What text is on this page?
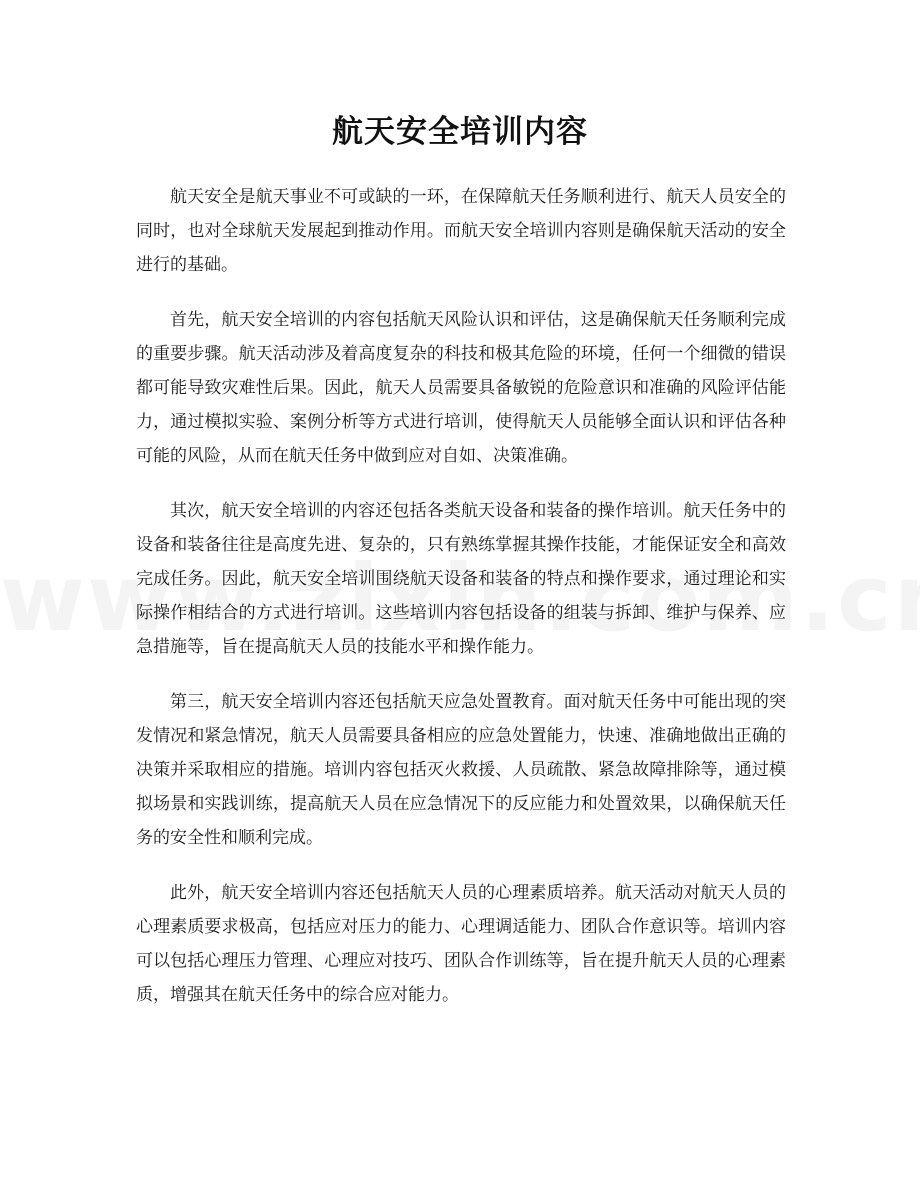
航天安全培训内容

航天安全是航天事业不可或缺的一环，在保障航天任务顺利进行、航天人员安全的同时，也对全球航天发展起到推动作用。而航天安全培训内容则是确保航天活动的安全进行的基础。

首先，航天安全培训的内容包括航天风险认识和评估，这是确保航天任务顺利完成的重要步骤。航天活动涉及着高度复杂的科技和极其危险的环境，任何一个细微的错误都可能导致灾难性后果。因此，航天人员需要具备敏锐的危险意识和准确的风险评估能力，通过模拟实验、案例分析等方式进行培训，使得航天人员能够全面认识和评估各种可能的风险，从而在航天任务中做到应对自如、决策准确。

其次，航天安全培训的内容还包括各类航天设备和装备的操作培训。航天任务中的设备和装备往往是高度先进、复杂的，只有熟练掌握其操作技能，才能保证安全和高效完成任务。因此，航天安全培训围绕航天设备和装备的特点和操作要求，通过理论和实际操作相结合的方式进行培训。这些培训内容包括设备的组装与拆卸、维护与保养、应急措施等，旨在提高航天人员的技能水平和操作能力。

第三，航天安全培训内容还包括航天应急处置教育。面对航天任务中可能出现的突发情况和紧急情况，航天人员需要具备相应的应急处置能力，快速、准确地做出正确的决策并采取相应的措施。培训内容包括灭火救援、人员疏散、紧急故障排除等，通过模拟场景和实践训练，提高航天人员在应急情况下的反应能力和处置效果，以确保航天任务的安全性和顺利完成。

此外，航天安全培训内容还包括航天人员的心理素质培养。航天活动对航天人员的心理素质要求极高，包括应对压力的能力、心理调适能力、团队合作意识等。培训内容可以包括心理压力管理、心理应对技巧、团队合作训练等，旨在提升航天人员的心理素质，增强其在航天任务中的综合应对能力。
